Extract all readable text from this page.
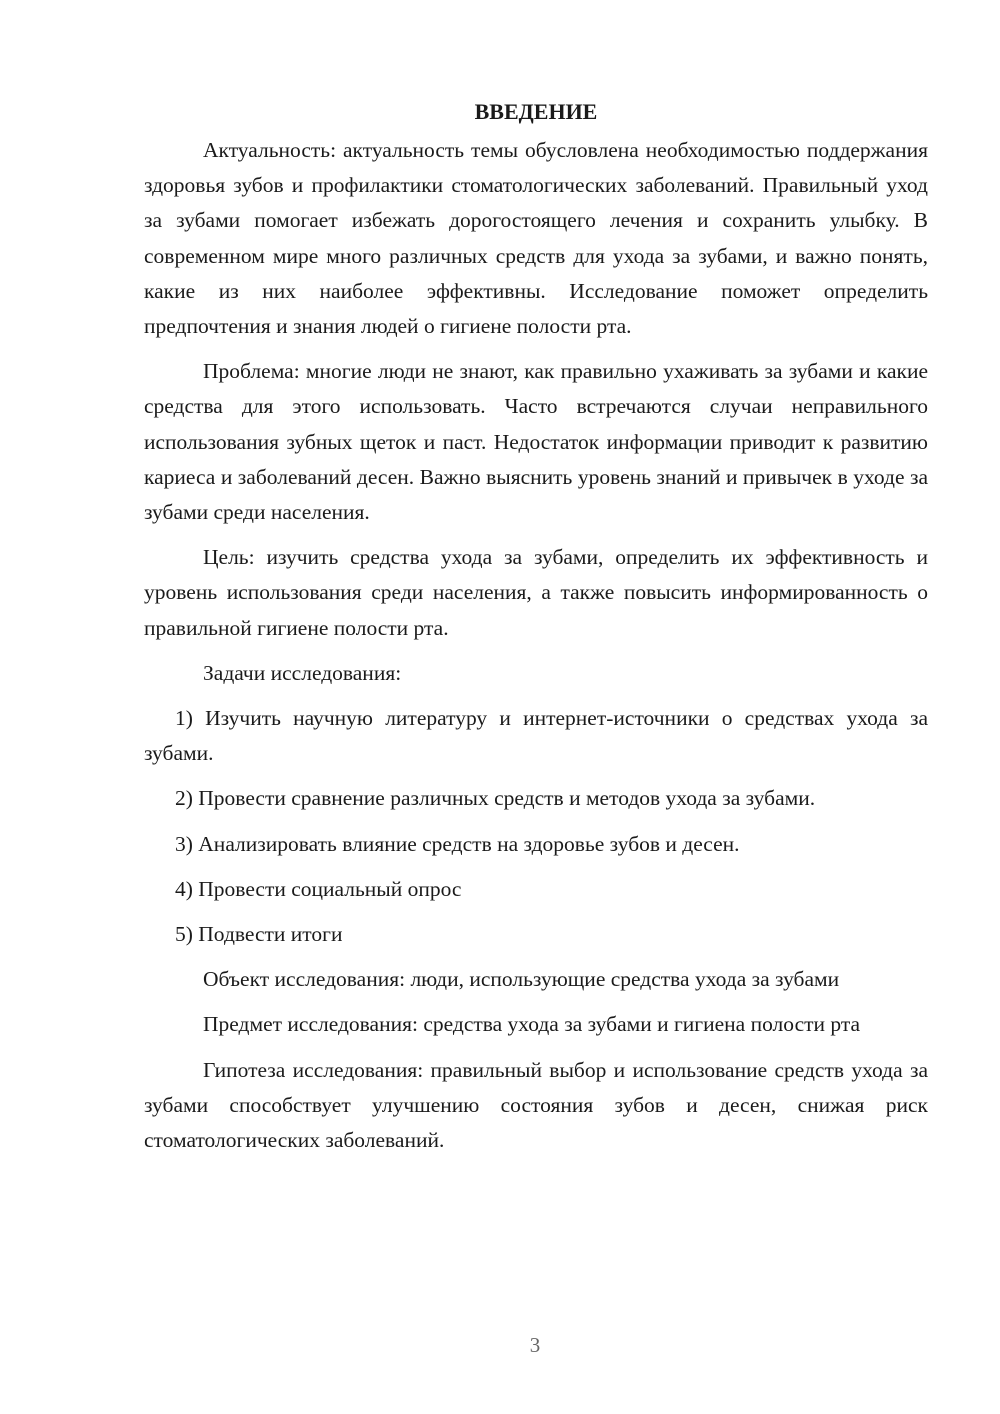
ВВЕДЕНИЕ

Актуальность: актуальность темы обусловлена необходимостью поддержания здоровья зубов и профилактики стоматологических заболеваний. Правильный уход за зубами помогает избежать дорогостоящего лечения и сохранить улыбку. В современном мире много различных средств для ухода за зубами, и важно понять, какие из них наиболее эффективны. Исследование поможет определить предпочтения и знания людей о гигиене полости рта.

Проблема: многие люди не знают, как правильно ухаживать за зубами и какие средства для этого использовать. Часто встречаются случаи неправильного использования зубных щеток и паст. Недостаток информации приводит к развитию кариеса и заболеваний десен. Важно выяснить уровень знаний и привычек в уходе за зубами среди населения.

Цель: изучить средства ухода за зубами, определить их эффективность и уровень использования среди населения, а также повысить информированность о правильной гигиене полости рта.

Задачи исследования:

1) Изучить научную литературу и интернет-источники о средствах ухода за зубами.

2) Провести сравнение различных средств и методов ухода за зубами.

3) Анализировать влияние средств на здоровье зубов и десен.

4) Провести социальный опрос

5) Подвести итоги

Объект исследования: люди, использующие средства ухода за зубами

Предмет исследования: средства ухода за зубами и гигиена полости рта

Гипотеза исследования: правильный выбор и использование средств ухода за зубами способствует улучшению состояния зубов и десен, снижая риск стоматологических заболеваний.

3
